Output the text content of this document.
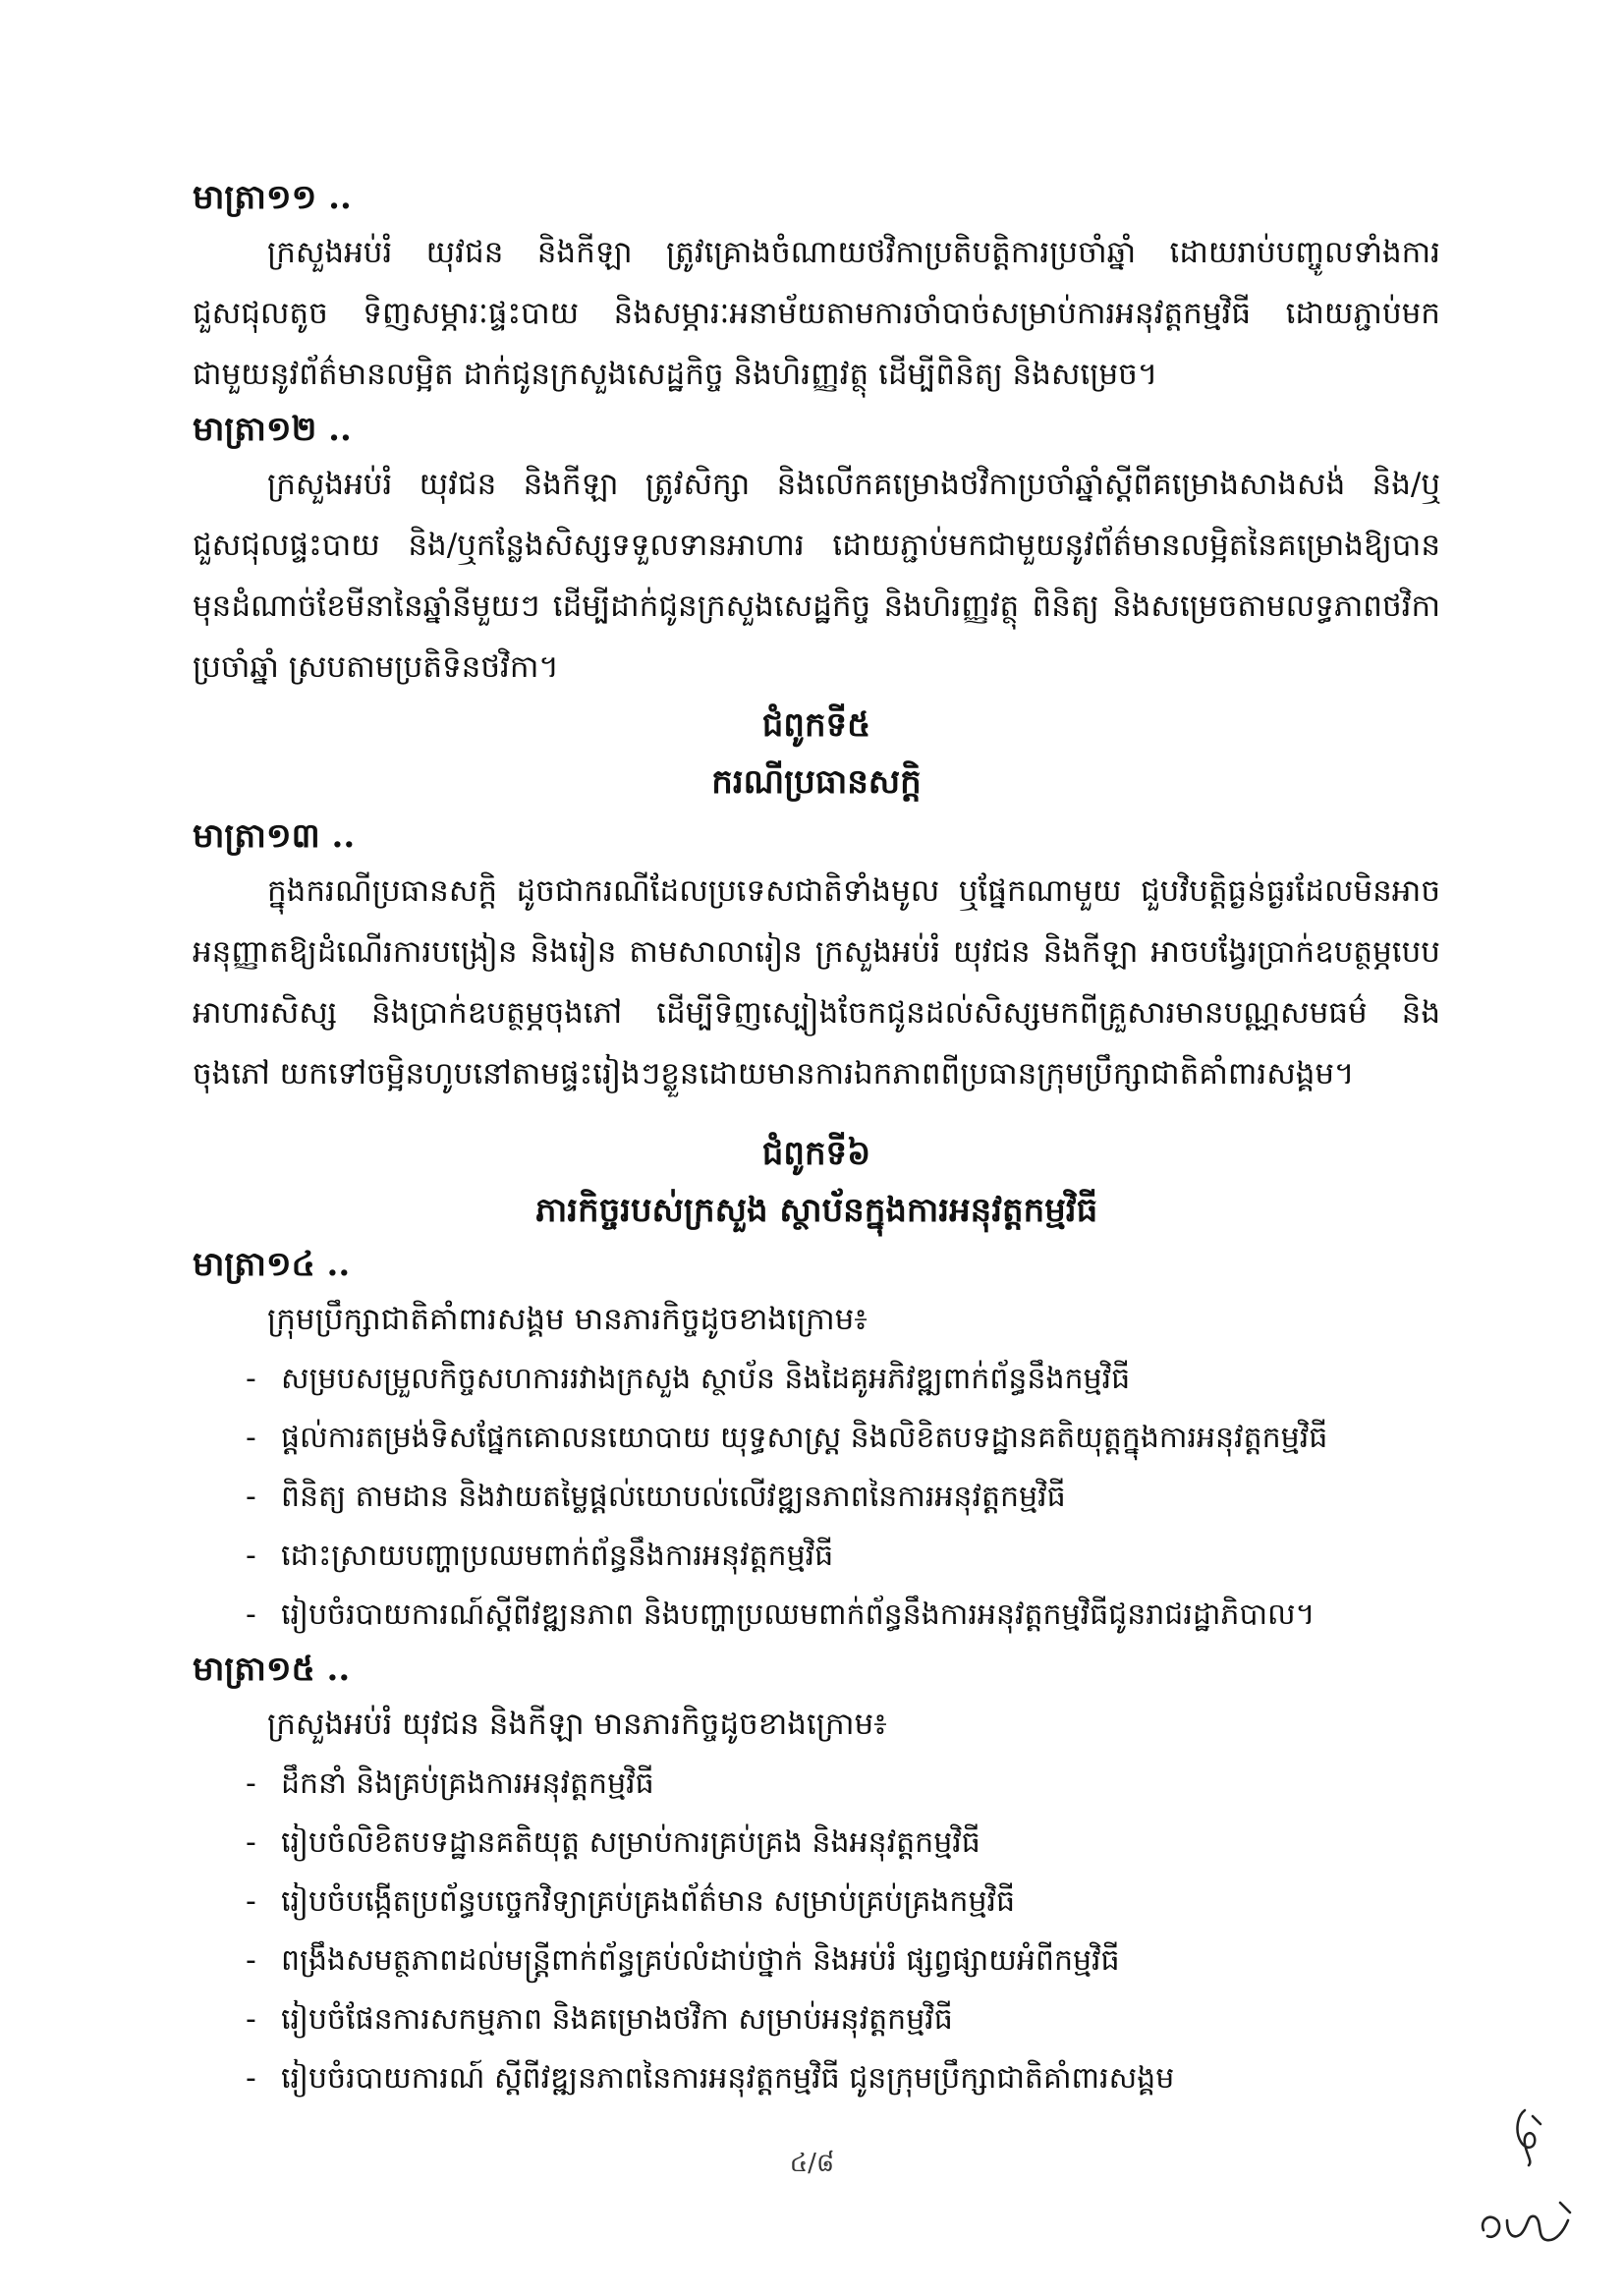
មាត្រា១១ ..

ក្រសួងអប់រំ យុវជន និងកីឡា ត្រូវគ្រោងចំណាយថវិកាប្រតិបត្តិការប្រចាំឆ្នាំ ដោយរាប់បញ្ចូលទាំងការជួសជុលតូច ទិញសម្ភារៈផ្ទះបាយ និងសម្ភារៈអនាម័យតាមការចាំបាច់សម្រាប់ការអនុវត្តកម្មវិធី ដោយភ្ជាប់មកជាមួយនូវព័ត៌មានលម្អិត ដាក់ជូនក្រសួងសេដ្ឋកិច្ច និងហិរញ្ញវត្ថុ ដើម្បីពិនិត្យ និងសម្រេច។

មាត្រា១២ ..

ក្រសួងអប់រំ យុវជន និងកីឡា ត្រូវសិក្សា និងលើកគម្រោងថវិកាប្រចាំឆ្នាំស្តីពីគម្រោងសាងសង់ និង/ឬជួសជុលផ្ទះបាយ និង/ឬកន្លែងសិស្សទទួលទានអាហារ ដោយភ្ជាប់មកជាមួយនូវព័ត៌មានលម្អិតនៃគម្រោងឱ្យបានមុនដំណាច់ខែមីនានៃឆ្នាំនីមួយៗ ដើម្បីដាក់ជូនក្រសួងសេដ្ឋកិច្ច និងហិរញ្ញវត្ថុ ពិនិត្យ និងសម្រេចតាមលទ្ធភាពថវិកាប្រចាំឆ្នាំ ស្របតាមប្រតិទិនថវិកា។

ជំពូកទី៥
ករណីប្រធានសក្តិ
មាត្រា១៣ ..

ក្នុងករណីប្រធានសក្តិ ដូចជាករណីដែលប្រទេសជាតិទាំងមូល ឬផ្នែកណាមួយ ជួបវិបត្តិធ្ងន់ធ្ងរដែលមិនអាចអនុញ្ញាតឱ្យដំណើរការបង្រៀន និងរៀន តាមសាលារៀន ក្រសួងអប់រំ យុវជន និងកីឡា អាចបង្វែរប្រាក់ឧបត្ថម្ភបេបអាហារសិស្ស និងប្រាក់ឧបត្ថម្ភចុងភៅ ដើម្បីទិញស្បៀងចែកជូនដល់សិស្សមកពីគ្រួសារមានបណ្ណសមធម៌ និងចុងភៅ យកទៅចម្អិនហូបនៅតាមផ្ទះរៀងៗខ្លួនដោយមានការឯកភាពពីប្រធានក្រុមប្រឹក្សាជាតិគាំពារសង្គម។

ជំពូកទី៦
ភារកិច្ចរបស់ក្រសួង ស្ថាប័នក្នុងការអនុវត្តកម្មវិធី
មាត្រា១៤ ..

ក្រុមប្រឹក្សាជាតិគាំពារសង្គម មានភារកិច្ចដូចខាងក្រោម៖

- សម្របសម្រួលកិច្ចសហការរវាងក្រសួង ស្ថាប័ន និងដៃគូអភិវឌ្ឍពាក់ព័ន្ធនឹងកម្មវិធី
- ផ្តល់ការតម្រង់ទិសផ្នែកគោលនយោបាយ យុទ្ធសាស្ត្រ និងលិខិតបទដ្ឋានគតិយុត្តក្នុងការអនុវត្តកម្មវិធី
- ពិនិត្យ តាមដាន និងវាយតម្លៃផ្តល់យោបល់លើវឌ្ឍនភាពនៃការអនុវត្តកម្មវិធី
- ដោះស្រាយបញ្ហាប្រឈមពាក់ព័ន្ធនឹងការអនុវត្តកម្មវិធី
- រៀបចំរបាយការណ៍ស្តីពីវឌ្ឍនភាព និងបញ្ហាប្រឈមពាក់ព័ន្ធនឹងការអនុវត្តកម្មវិធីជូនរាជរដ្ឋាភិបាល។
មាត្រា១៥ ..

ក្រសួងអប់រំ យុវជន និងកីឡា មានភារកិច្ចដូចខាងក្រោម៖

- ដឹកនាំ និងគ្រប់គ្រងការអនុវត្តកម្មវិធី
- រៀបចំលិខិតបទដ្ឋានគតិយុត្ត សម្រាប់ការគ្រប់គ្រង និងអនុវត្តកម្មវិធី
- រៀបចំបង្កើតប្រព័ន្ធបច្ចេកវិទ្យាគ្រប់គ្រងព័ត៌មាន សម្រាប់គ្រប់គ្រងកម្មវិធី
- ពង្រឹងសមត្ថភាពដល់មន្ត្រីពាក់ព័ន្ធគ្រប់លំដាប់ថ្នាក់ និងអប់រំ ផ្សព្វផ្សាយអំពីកម្មវិធី
- រៀបចំផែនការសកម្មភាព និងគម្រោងថវិកា សម្រាប់អនុវត្តកម្មវិធី
- រៀបចំរបាយការណ៍ ស្តីពីវឌ្ឍនភាពនៃការអនុវត្តកម្មវិធី ជូនក្រុមប្រឹក្សាជាតិគាំពារសង្គម
៤/៨
